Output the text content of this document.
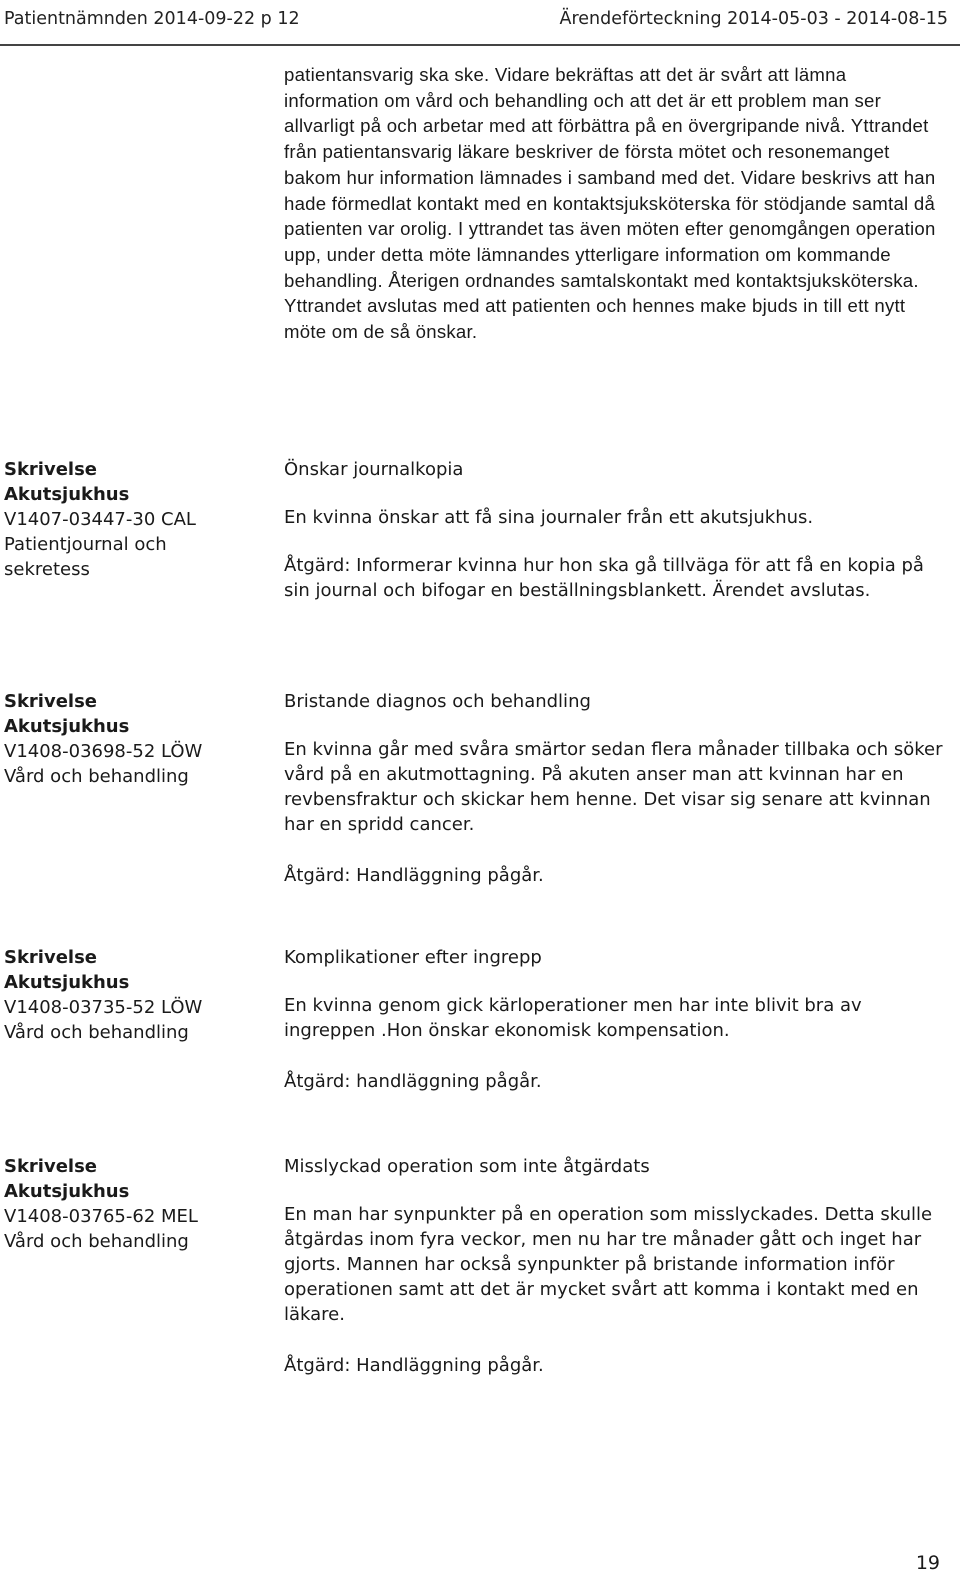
Patientnämnden 2014-09-22 p 12	Ärendeförteckning 2014-05-03 - 2014-08-15

patientansvarig ska ske. Vidare bekräftas att det är svårt att lämna information om vård och behandling och att det är ett problem man ser allvarligt på och arbetar med att förbättra på en övergripande nivå. Yttrandet från patientansvarig läkare beskriver de första mötet och resonemanget bakom hur information lämnades i samband med det. Vidare beskrivs att han hade förmedlat kontakt med en kontaktsjuksköterska för stödjande samtal då patienten var orolig. I yttrandet tas även möten efter genomgången operation upp, under detta möte lämnandes ytterligare information om kommande behandling. Återigen ordnandes samtalskontakt med kontaktsjuksköterska. Yttrandet avslutas med att patienten och hennes make bjuds in till ett nytt möte om de så önskar.

Skrivelse
Akutsjukhus
V1407-03447-30 CAL
Patientjournal och sekretess

Önskar journalkopia

En kvinna önskar att få sina journaler från ett akutsjukhus.

Åtgärd: Informerar kvinna hur hon ska gå tillväga för att få en kopia på sin journal och bifogar en beställningsblankett. Ärendet avslutas.

Skrivelse
Akutsjukhus
V1408-03698-52 LÖW
Vård och behandling

Bristande diagnos och behandling

En kvinna går med svåra smärtor sedan flera månader tillbaka och söker vård på en akutmottagning. På akuten anser man att kvinnan har en revbensfraktur och skickar hem henne. Det visar sig senare att kvinnan har en spridd cancer.

Åtgärd: Handläggning pågår.

Skrivelse
Akutsjukhus
V1408-03735-52 LÖW
Vård och behandling

Komplikationer efter ingrepp

En kvinna genom gick kärloperationer men har inte blivit bra av ingreppen .Hon önskar ekonomisk kompensation.

Åtgärd: handläggning pågår.

Skrivelse
Akutsjukhus
V1408-03765-62 MEL
Vård och behandling

Misslyckad operation som inte åtgärdats

En man har synpunkter på en operation som misslyckades. Detta skulle åtgärdas inom fyra veckor, men nu har tre månader gått och inget har gjorts. Mannen har också synpunkter på bristande information inför operationen samt att det är mycket svårt att komma i kontakt med en läkare.

Åtgärd: Handläggning pågår.

19
